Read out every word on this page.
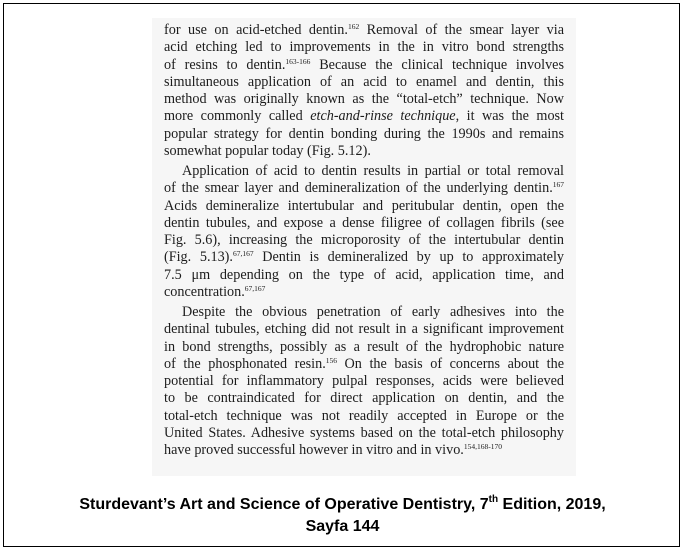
for use on acid-etched dentin.$^{162}$ Removal of the smear layer via
acid etching led to improvements in the in vitro bond strengths
of resins to dentin.$^{163-166}$ Because the clinical technique involves
simultaneous application of an acid to enamel and dentin, this
method was originally known as the “total-etch” technique. Now
more commonly called etch-and-rinse technique, it was the most
popular strategy for dentin bonding during the 1990s and remains
somewhat popular today (Fig. 5.12).
Application of acid to dentin results in partial or total removal
of the smear layer and demineralization of the underlying dentin.$^{167}$
Acids demineralize intertubular and peritubular dentin, open the
dentin tubules, and expose a dense filigree of collagen fibrils (see
Fig. 5.6), increasing the microporosity of the intertubular dentin
(Fig. 5.13).$^{67,167}$ Dentin is demineralized by up to approximately
7.5 μm depending on the type of acid, application time, and
concentration.$^{67,167}$
Despite the obvious penetration of early adhesives into the
dentinal tubules, etching did not result in a significant improvement
in bond strengths, possibly as a result of the hydrophobic nature
of the phosphonated resin.$^{156}$ On the basis of concerns about the
potential for inflammatory pulpal responses, acids were believed
to be contraindicated for direct application on dentin, and the
total-etch technique was not readily accepted in Europe or the
United States. Adhesive systems based on the total-etch philosophy
have proved successful however in vitro and in vivo.$^{154,168-170}$
Sturdevant’s Art and Science of Operative Dentistry, 7th Edition, 2019,
Sayfa 144
